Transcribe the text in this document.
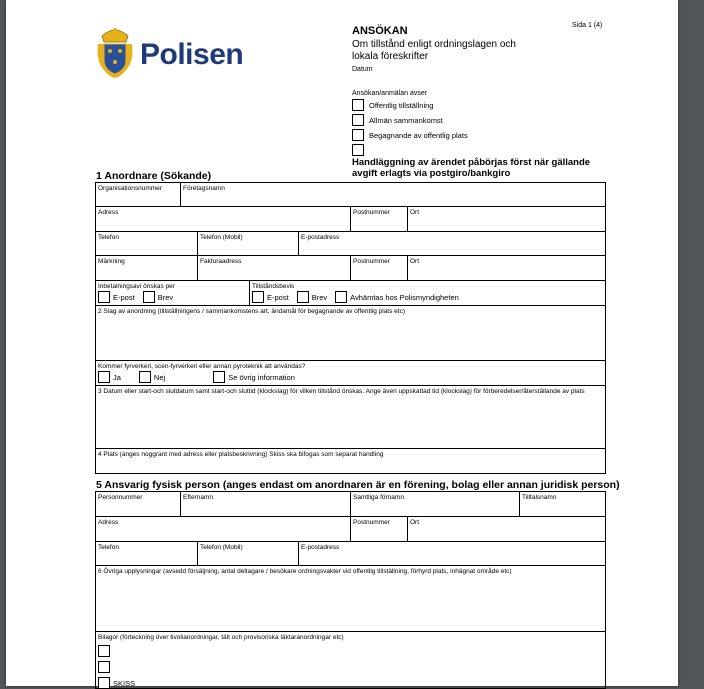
Polisen
ANSÖKAN
Om tillstånd enligt ordningslagen och lokala föreskrifter
Datum
Sida 1 (4)
Ansökan/anmälan avser
Offentlig tillställning
Allmän sammankomst
Begagnande av offentlig plats
Handläggning av ärendet påbörjas först när gällande avgift erlagts via postgiro/bankgiro
1 Anordnare (Sökande)
Organisationsnummer	Företagsnamn
Adress	Postnummer	Ort
Telefon	Telefon (Mobil)	E-postadress
Märkning	Fakturaadress	Postnummer	Ort
Inbetalningsavi önskas per
E-post	Brev
Tillståndsbevis
E-post	Brev	Avhämtas hos Polismyndigheten
2 Slag av anordning (tillställningens / sammankomstens art, ändamål för begagnande av offentlig plats etc)
Kommer fyrverkeri, scen-fyrverkeri eller annan pyroteknik att användas?
Ja	Nej	Se övrig information
3 Datum eller start-och slutdatum samt start-och sluttid (klockslag) för vilken tillstånd önskas. Ange även uppskattad tid (klockslag) för förberedelser/återställande av plats
4 Plats (anges noggrant med adress eller platsbeskrivning) Skiss ska bifogas som separat handling
5 Ansvarig fysisk person (anges endast om anordnaren är en förening, bolag eller annan juridisk person)
Personnummer	Efternamn	Samtliga förnamn	Tilltalsnamn
Adress	Postnummer	Ort
Telefon	Telefon (Mobil)	E-postadress
6 Övriga upplysningar (avsedd försäljning, antal deltagare / besökare ordningsvakter vid offentlig tillställning, förhyrd plats, inhägnat område etc)
Bilagor (förteckning över tivolianordningar, tält och provisoriska läktaranordningar etc)
SKISS
